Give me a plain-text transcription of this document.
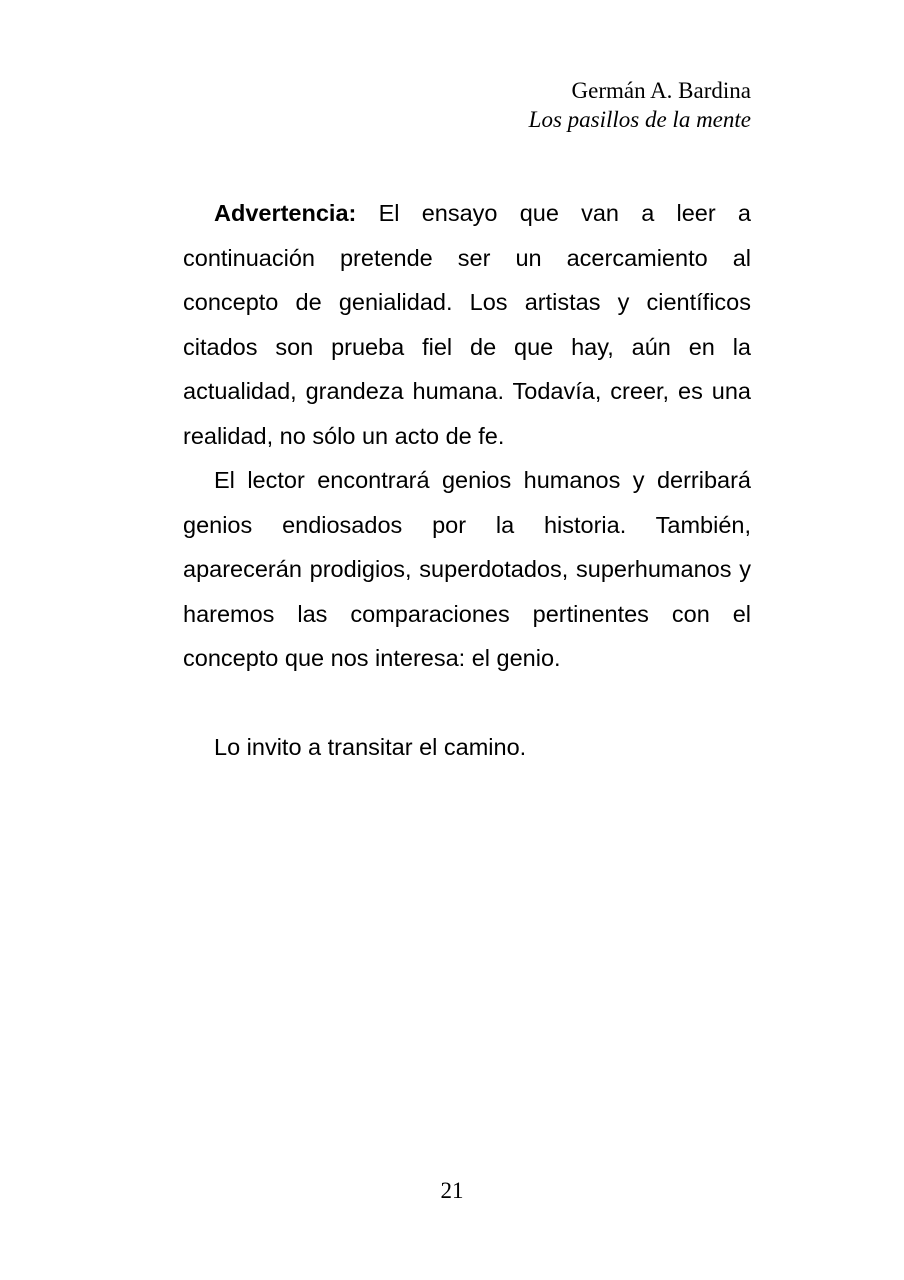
Germán A. Bardina
Los pasillos de la mente

Advertencia: El ensayo que van a leer a continuación pretende ser un acercamiento al concepto de genialidad. Los artistas y científicos citados son prueba fiel de que hay, aún en la actualidad, grandeza humana. Todavía, creer, es una realidad, no sólo un acto de fe.

El lector encontrará genios humanos y derribará genios endiosados por la historia. También, aparecerán prodigios, superdotados, superhumanos y haremos las comparaciones pertinentes con el concepto que nos interesa: el genio.

Lo invito a transitar el camino.

21
